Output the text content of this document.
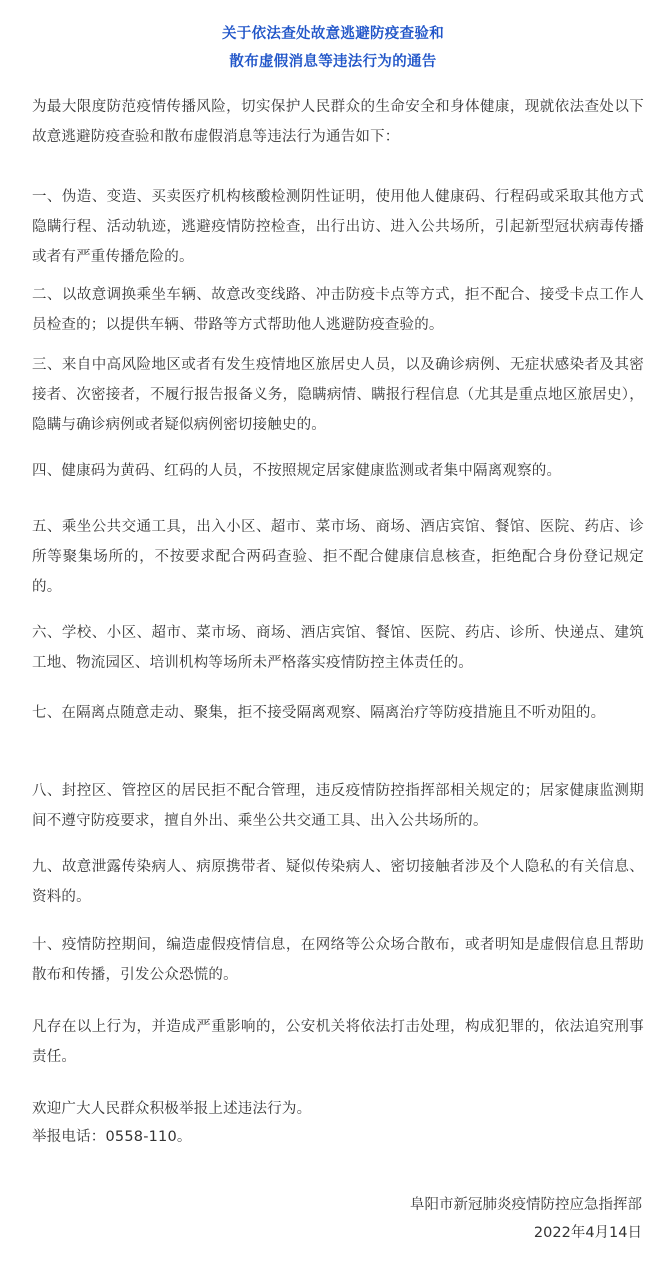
关于依法查处故意逃避防疫查验和
散布虚假消息等违法行为的通告

为最大限度防范疫情传播风险，切实保护人民群众的生命安全和身体健康，现就依法查处以下故意逃避防疫查验和散布虚假消息等违法行为通告如下：

一、伪造、变造、买卖医疗机构核酸检测阴性证明，使用他人健康码、行程码或采取其他方式隐瞒行程、活动轨迹，逃避疫情防控检查，出行出访、进入公共场所，引起新型冠状病毒传播或者有严重传播危险的。

二、以故意调换乘坐车辆、故意改变线路、冲击防疫卡点等方式，拒不配合、接受卡点工作人员检查的；以提供车辆、带路等方式帮助他人逃避防疫查验的。

三、来自中高风险地区或者有发生疫情地区旅居史人员，以及确诊病例、无症状感染者及其密接者、次密接者，不履行报告报备义务，隐瞒病情、瞒报行程信息（尤其是重点地区旅居史），隐瞒与确诊病例或者疑似病例密切接触史的。

四、健康码为黄码、红码的人员，不按照规定居家健康监测或者集中隔离观察的。

五、乘坐公共交通工具，出入小区、超市、菜市场、商场、酒店宾馆、餐馆、医院、药店、诊所等聚集场所的，不按要求配合两码查验、拒不配合健康信息核查，拒绝配合身份登记规定的。

六、学校、小区、超市、菜市场、商场、酒店宾馆、餐馆、医院、药店、诊所、快递点、建筑工地、物流园区、培训机构等场所未严格落实疫情防控主体责任的。

七、在隔离点随意走动、聚集，拒不接受隔离观察、隔离治疗等防疫措施且不听劝阻的。

八、封控区、管控区的居民拒不配合管理，违反疫情防控指挥部相关规定的；居家健康监测期间不遵守防疫要求，擅自外出、乘坐公共交通工具、出入公共场所的。

九、故意泄露传染病人、病原携带者、疑似传染病人、密切接触者涉及个人隐私的有关信息、资料的。

十、疫情防控期间，编造虚假疫情信息，在网络等公众场合散布，或者明知是虚假信息且帮助散布和传播，引发公众恐慌的。

凡存在以上行为，并造成严重影响的，公安机关将依法打击处理，构成犯罪的，依法追究刑事责任。

欢迎广大人民群众积极举报上述违法行为。

举报电话：0558-110。

阜阳市新冠肺炎疫情防控应急指挥部
2022年4月14日
